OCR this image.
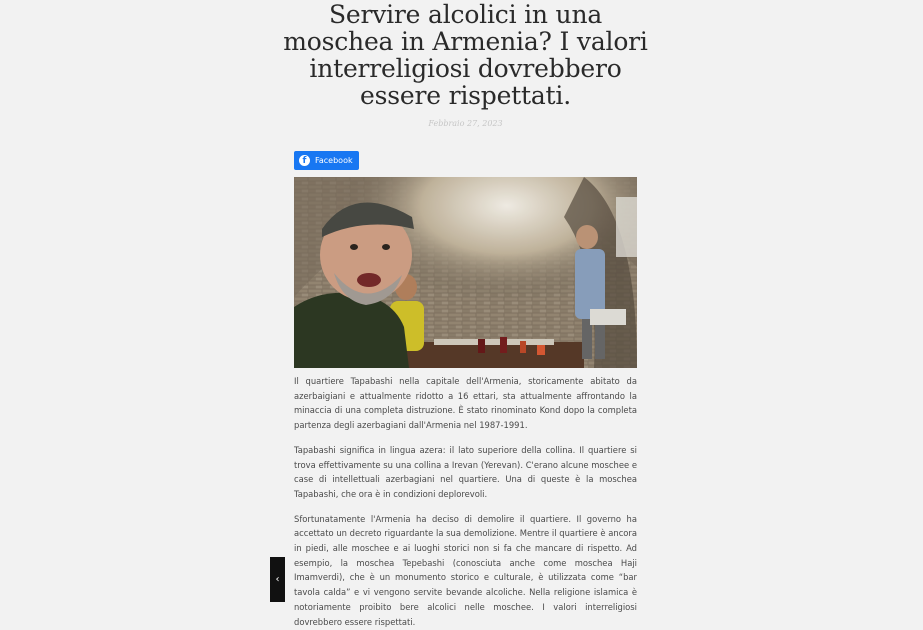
Servire alcolici in una moschea in Armenia? I valori interreligiosi dovrebbero essere rispettati.
Febbraio 27, 2023
f	Facebook

Il quartiere Tapabashi nella capitale dell'Armenia, storicamente abitato da azerbaigiani e attualmente ridotto a 16 ettari, sta attualmente affrontando la minaccia di una completa distruzione. È stato rinominato Kond dopo la completa partenza degli azerbagiani dall'Armenia nel 1987-1991.

Tapabashi significa in lingua azera: il lato superiore della collina. Il quartiere si trova effettivamente su una collina a Irevan (Yerevan). C'erano alcune moschee e case di intellettuali azerbagiani nel quartiere. Una di queste è la moschea Tapabashi, che ora è in condizioni deplorevoli.

Sfortunatamente l'Armenia ha deciso di demolire il quartiere. Il governo ha accettato un decreto riguardante la sua demolizione. Mentre il quartiere è ancora in piedi, alle moschee e ai luoghi storici non si fa che mancare di rispetto. Ad esempio, la moschea Tepebashi (conosciuta anche come moschea Haji Imamverdi), che è un monumento storico e culturale, è utilizzata come “bar tavola calda” e vi vengono servite bevande alcoliche. Nella religione islamica è notoriamente proibito bere alcolici nelle moschee. I valori interreligiosi dovrebbero essere rispettati.

‹
